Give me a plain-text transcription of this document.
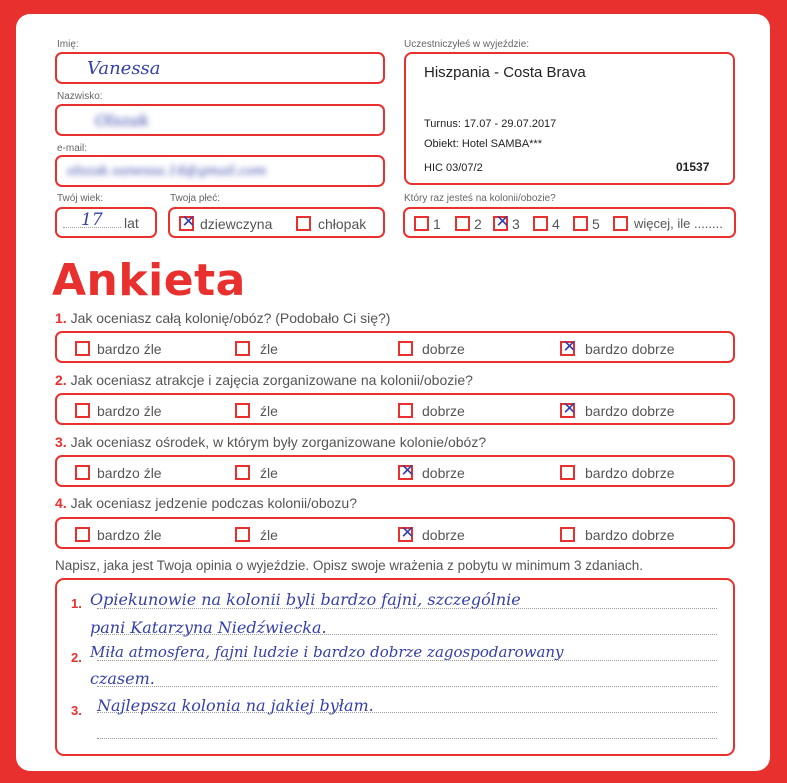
Imię:
Vanessa
Nazwisko:
Olszak
e-mail:
olszak.vanessa.14@gmail.com
Twój wiek:
17 lat
Twoja płeć:
✕ dziewczyna	chłopak
Uczestniczyłeś w wyjeździe:
Hiszpania - Costa Brava
Turnus: 17.07 - 29.07.2017
Obiekt: Hotel SAMBA***
HIC 03/07/2	01537
Który raz jesteś na kolonii/obozie?
1 2 ✕ 3 4 5	więcej, ile ........
Ankieta
1. Jak oceniasz całą kolonię/obóz? (Podobało Ci się?)
bardzo źle	źle	dobrze	✕ bardzo dobrze
2. Jak oceniasz atrakcje i zajęcia zorganizowane na kolonii/obozie?
bardzo źle	źle	dobrze	✕ bardzo dobrze
3. Jak oceniasz ośrodek, w którym były zorganizowane kolonie/obóz?
bardzo źle	źle	✕ dobrze	bardzo dobrze
4. Jak oceniasz jedzenie podczas kolonii/obozu?
bardzo źle	źle	✕ dobrze	bardzo dobrze
Napisz, jaka jest Twoja opinia o wyjeździe. Opisz swoje wrażenia z pobytu w minimum 3 zdaniach.
1. Opiekunowie na kolonii byli bardzo fajni, szczególnie
pani Katarzyna Niedźwiecka.
2. Miła atmosfera, fajni ludzie i bardzo dobrze zagospodarowany
czasem.
3. Najlepsza kolonia na jakiej byłam.
